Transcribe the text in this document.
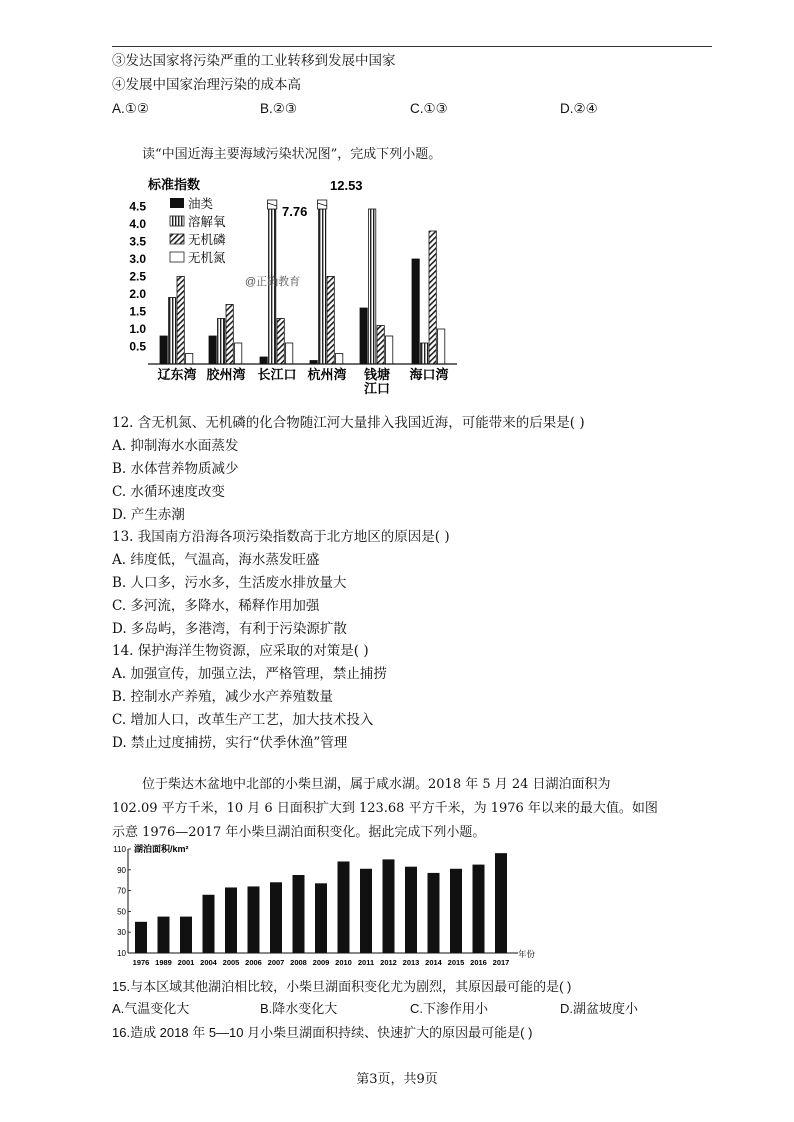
③发达国家将污染严重的工业转移到发展中国家
④发展中国家治理污染的成本高
A.①②	B.②③	C.①③	D.②④
读“中国近海主要海域污染状况图”，完成下列小题。
标准指数
0.5
1.0
1.5
2.0
2.5
3.0
3.5
4.0
4.5	油类
溶解氧
无机磷
无机氮
7.76
12.53
@正确教育
辽东湾 胶州湾 长江口 杭州湾 钱塘
江口
海口湾
12. 含无机氮、无机磷的化合物随江河大量排入我国近海，可能带来的后果是( )
A. 抑制海水水面蒸发
B. 水体营养物质减少
C. 水循环速度改变
D. 产生赤潮
13. 我国南方沿海各项污染指数高于北方地区的原因是( )
A. 纬度低，气温高，海水蒸发旺盛
B. 人口多，污水多，生活废水排放量大
C. 多河流，多降水，稀释作用加强
D. 多岛屿，多港湾，有利于污染源扩散
14. 保护海洋生物资源，应采取的对策是( )
A. 加强宣传，加强立法，严格管理，禁止捕捞
B. 控制水产养殖，减少水产养殖数量
C. 增加人口，改革生产工艺，加大技术投入
D. 禁止过度捕捞，实行“伏季休渔”管理
位于柴达木盆地中北部的小柴旦湖，属于咸水湖。2018 年 5 月 24 日湖泊面积为
102.09 平方千米，10 月 6 日面积扩大到 123.68 平方千米，为 1976 年以来的最大值。如图
示意 1976—2017 年小柴旦湖泊面积变化。据此完成下列小题。
湖泊面积/km²
110
90
70
50
30
10
1976 1989 2001 2004 2005 2006 2007 2008 2009 2010 2011 2012 2013 2014 2015 2016 2017
年份
15.与本区域其他湖泊相比较，小柴旦湖面积变化尤为剧烈，其原因最可能的是( )
A.气温变化大	B.降水变化大	C.下渗作用小	D.湖盆坡度小
16.造成 2018 年 5—10 月小柴旦湖面积持续、快速扩大的原因最可能是( )
第3页，共9页
